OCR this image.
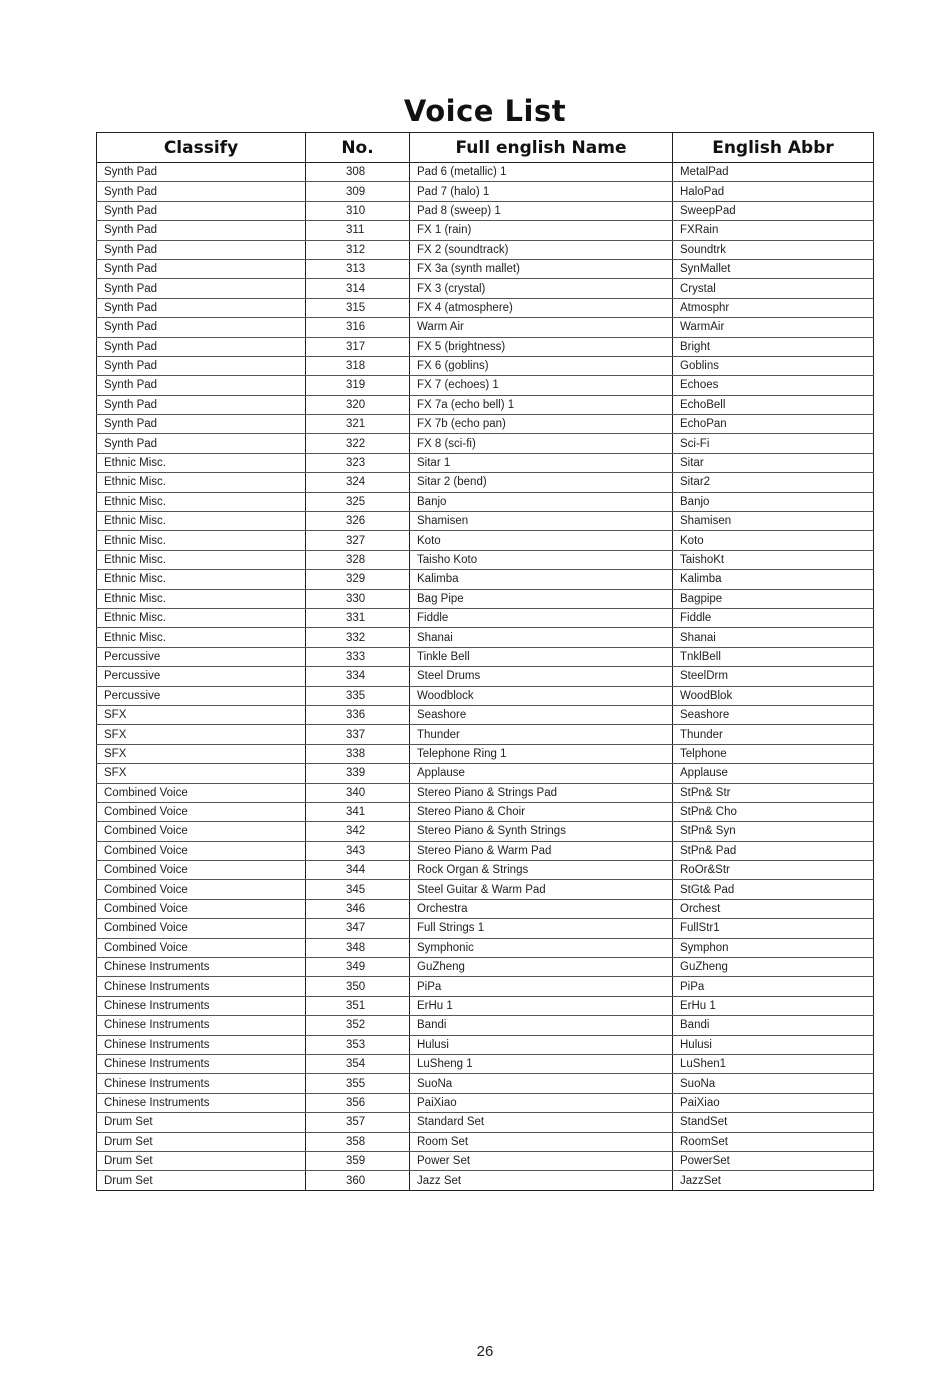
Voice List
Classify	No.	Full english Name	English Abbr
Synth Pad	308	Pad 6 (metallic) 1	MetalPad
Synth Pad	309	Pad 7 (halo) 1	HaloPad
Synth Pad	310	Pad 8 (sweep) 1	SweepPad
Synth Pad	311	FX 1 (rain)	FXRain
Synth Pad	312	FX 2 (soundtrack)	Soundtrk
Synth Pad	313	FX 3a (synth mallet)	SynMallet
Synth Pad	314	FX 3 (crystal)	Crystal
Synth Pad	315	FX 4 (atmosphere)	Atmosphr
Synth Pad	316	Warm Air	WarmAir
Synth Pad	317	FX 5 (brightness)	Bright
Synth Pad	318	FX 6 (goblins)	Goblins
Synth Pad	319	FX 7 (echoes) 1	Echoes
Synth Pad	320	FX 7a (echo bell) 1	EchoBell
Synth Pad	321	FX 7b (echo pan)	EchoPan
Synth Pad	322	FX 8 (sci-fi)	Sci-Fi
Ethnic Misc.	323	Sitar 1	Sitar
Ethnic Misc.	324	Sitar 2 (bend)	Sitar2
Ethnic Misc.	325	Banjo	Banjo
Ethnic Misc.	326	Shamisen	Shamisen
Ethnic Misc.	327	Koto	Koto
Ethnic Misc.	328	Taisho Koto	TaishoKt
Ethnic Misc.	329	Kalimba	Kalimba
Ethnic Misc.	330	Bag Pipe	Bagpipe
Ethnic Misc.	331	Fiddle	Fiddle
Ethnic Misc.	332	Shanai	Shanai
Percussive	333	Tinkle Bell	TnklBell
Percussive	334	Steel Drums	SteelDrm
Percussive	335	Woodblock	WoodBlok
SFX	336	Seashore	Seashore
SFX	337	Thunder	Thunder
SFX	338	Telephone Ring 1	Telphone
SFX	339	Applause	Applause
Combined Voice	340	Stereo Piano & Strings Pad	StPn& Str
Combined Voice	341	Stereo Piano & Choir	StPn& Cho
Combined Voice	342	Stereo Piano & Synth Strings	StPn& Syn
Combined Voice	343	Stereo Piano & Warm Pad	StPn& Pad
Combined Voice	344	Rock Organ & Strings	RoOr&Str
Combined Voice	345	Steel Guitar & Warm Pad	StGt& Pad
Combined Voice	346	Orchestra	Orchest
Combined Voice	347	Full Strings 1	FullStr1
Combined Voice	348	Symphonic	Symphon
Chinese Instruments	349	GuZheng	GuZheng
Chinese Instruments	350	PiPa	PiPa
Chinese Instruments	351	ErHu 1	ErHu 1
Chinese Instruments	352	Bandi	Bandi
Chinese Instruments	353	Hulusi	Hulusi
Chinese Instruments	354	LuSheng 1	LuShen1
Chinese Instruments	355	SuoNa	SuoNa
Chinese Instruments	356	PaiXiao	PaiXiao
Drum Set	357	Standard Set	StandSet
Drum Set	358	Room Set	RoomSet
Drum Set	359	Power Set	PowerSet
Drum Set	360	Jazz Set	JazzSet
26
